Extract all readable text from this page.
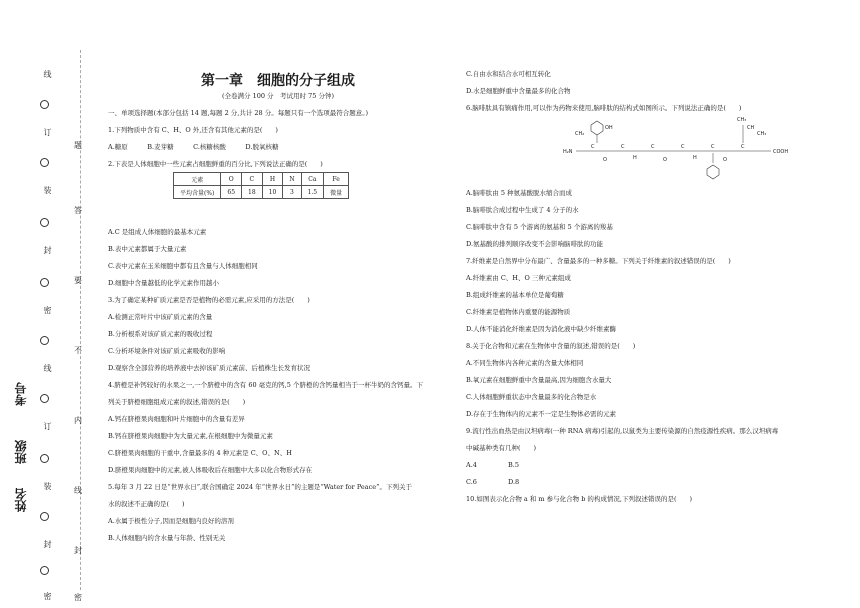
线
订
装
封
密
线
订
装
封
密
题
答
要
不
内
线
封
密
姓名
班级
考号
第一章　细胞的分子组成
(全卷满分 100 分　考试用时 75 分钟)
一、单项选择题(本部分包括 14 题,每题 2 分,共计 28 分。每题只有一个选项最符合题意。)
1.下列物质中含有 C、H、O 外,还含有其他元素的是(　　)
A.糖原　　　B.麦芽糖　　　C.核糖核酸　　　D.脱氧核糖
2.下表是人体细胞中一些元素占细胞鲜重的百分比,下列说法正确的是(　　)
元素	O	C	H	N	Ca	Fe
平均含量(%)	65	18	10	3	1.5	微量
A.C 是组成人体细胞的最基本元素
B.表中元素都属于大量元素
C.表中元素在玉米细胞中都有且含量与人体细胞相同
D.细胞中含量越低的化学元素作用越小
3.为了确定某种矿质元素是否是植物的必需元素,应采用的方法是(　　)
A.检测正常叶片中该矿质元素的含量
B.分析根系对该矿质元素的吸收过程
C.分析环境条件对该矿质元素吸收的影响
D.观察含全部营养的培养液中去掉该矿质元素前、后植株生长发育状况
4.脐橙是补钙较好的水果之一,一个脐橙中的含有 60 毫克的钙,5 个脐橙的含钙量相当于一杯牛奶的含钙量。下
列关于脐橙细胞组成元素的叙述,错误的是(　　)
A.钙在脐橙果肉细胞和叶片细胞中的含量有差异
B.钙在脐橙果肉细胞中为大量元素,在根细胞中为微量元素
C.脐橙果肉细胞的干重中,含量最多的 4 种元素是 C、O、N、H
D.脐橙果肉细胞中的元素,被人体吸收后在细胞中大多以化合物形式存在
5.每年 3 月 22 日是“世界水日”,联合国确定 2024 年“世界水日”的主题是“Water for Peace”。下列关于
水的叙述不正确的是(　　)
A.水属于极性分子,因而是细胞内良好的溶剂
B.人体细胞内的含水量与年龄、性别无关
C.自由水和结合水可相互转化
D.水是细胞鲜重中含量最多的化合物
6.脑啡肽具有镇痛作用,可以作为药物来使用,脑啡肽的结构式如图所示。下列说法正确的是(　　)
OH
CH₂
H₂N
C	C	C	C	C	C
COOH
O	O	O
H	H
CH₃
CH
CH₃
A.脑啡肽由 5 种氨基酸脱水缩合而成
B.脑啡肽合成过程中生成了 4 分子的水
C.脑啡肽中含有 5 个游离的氨基和 5 个游离的羧基
D.氨基酸的排列顺序改变不会影响脑啡肽的功能
7.纤维素是自然界中分布最广、含量最多的一种多糖。下列关于纤维素的叙述错误的是(　　)
A.纤维素由 C、H、O 三种元素组成
B.组成纤维素的基本单位是葡萄糖
C.纤维素是植物体内重要的能源物质
D.人体不能消化纤维素是因为消化液中缺少纤维素酶
8.关于化合物和元素在生物体中含量的叙述,错误的是(　　)
A.不同生物体内各种元素的含量大体相同
B.氧元素在细胞鲜重中含量最高,因为细胞含水量大
C.人体细胞鲜重状态中含量最多的化合物是水
D.存在于生物体内的元素不一定是生物体必需的元素
9.流行性出血热是由汉坦病毒(一种 RNA 病毒)引起的,以鼠类为主要传染源的自然疫源性疾病。那么汉坦病毒
中碱基种类有几种(　　)
A.4	B.5
C.6	D.8
10.如图表示化合物 a 和 m 参与化合物 b 的构成情况,下列叙述错误的是(　　)
